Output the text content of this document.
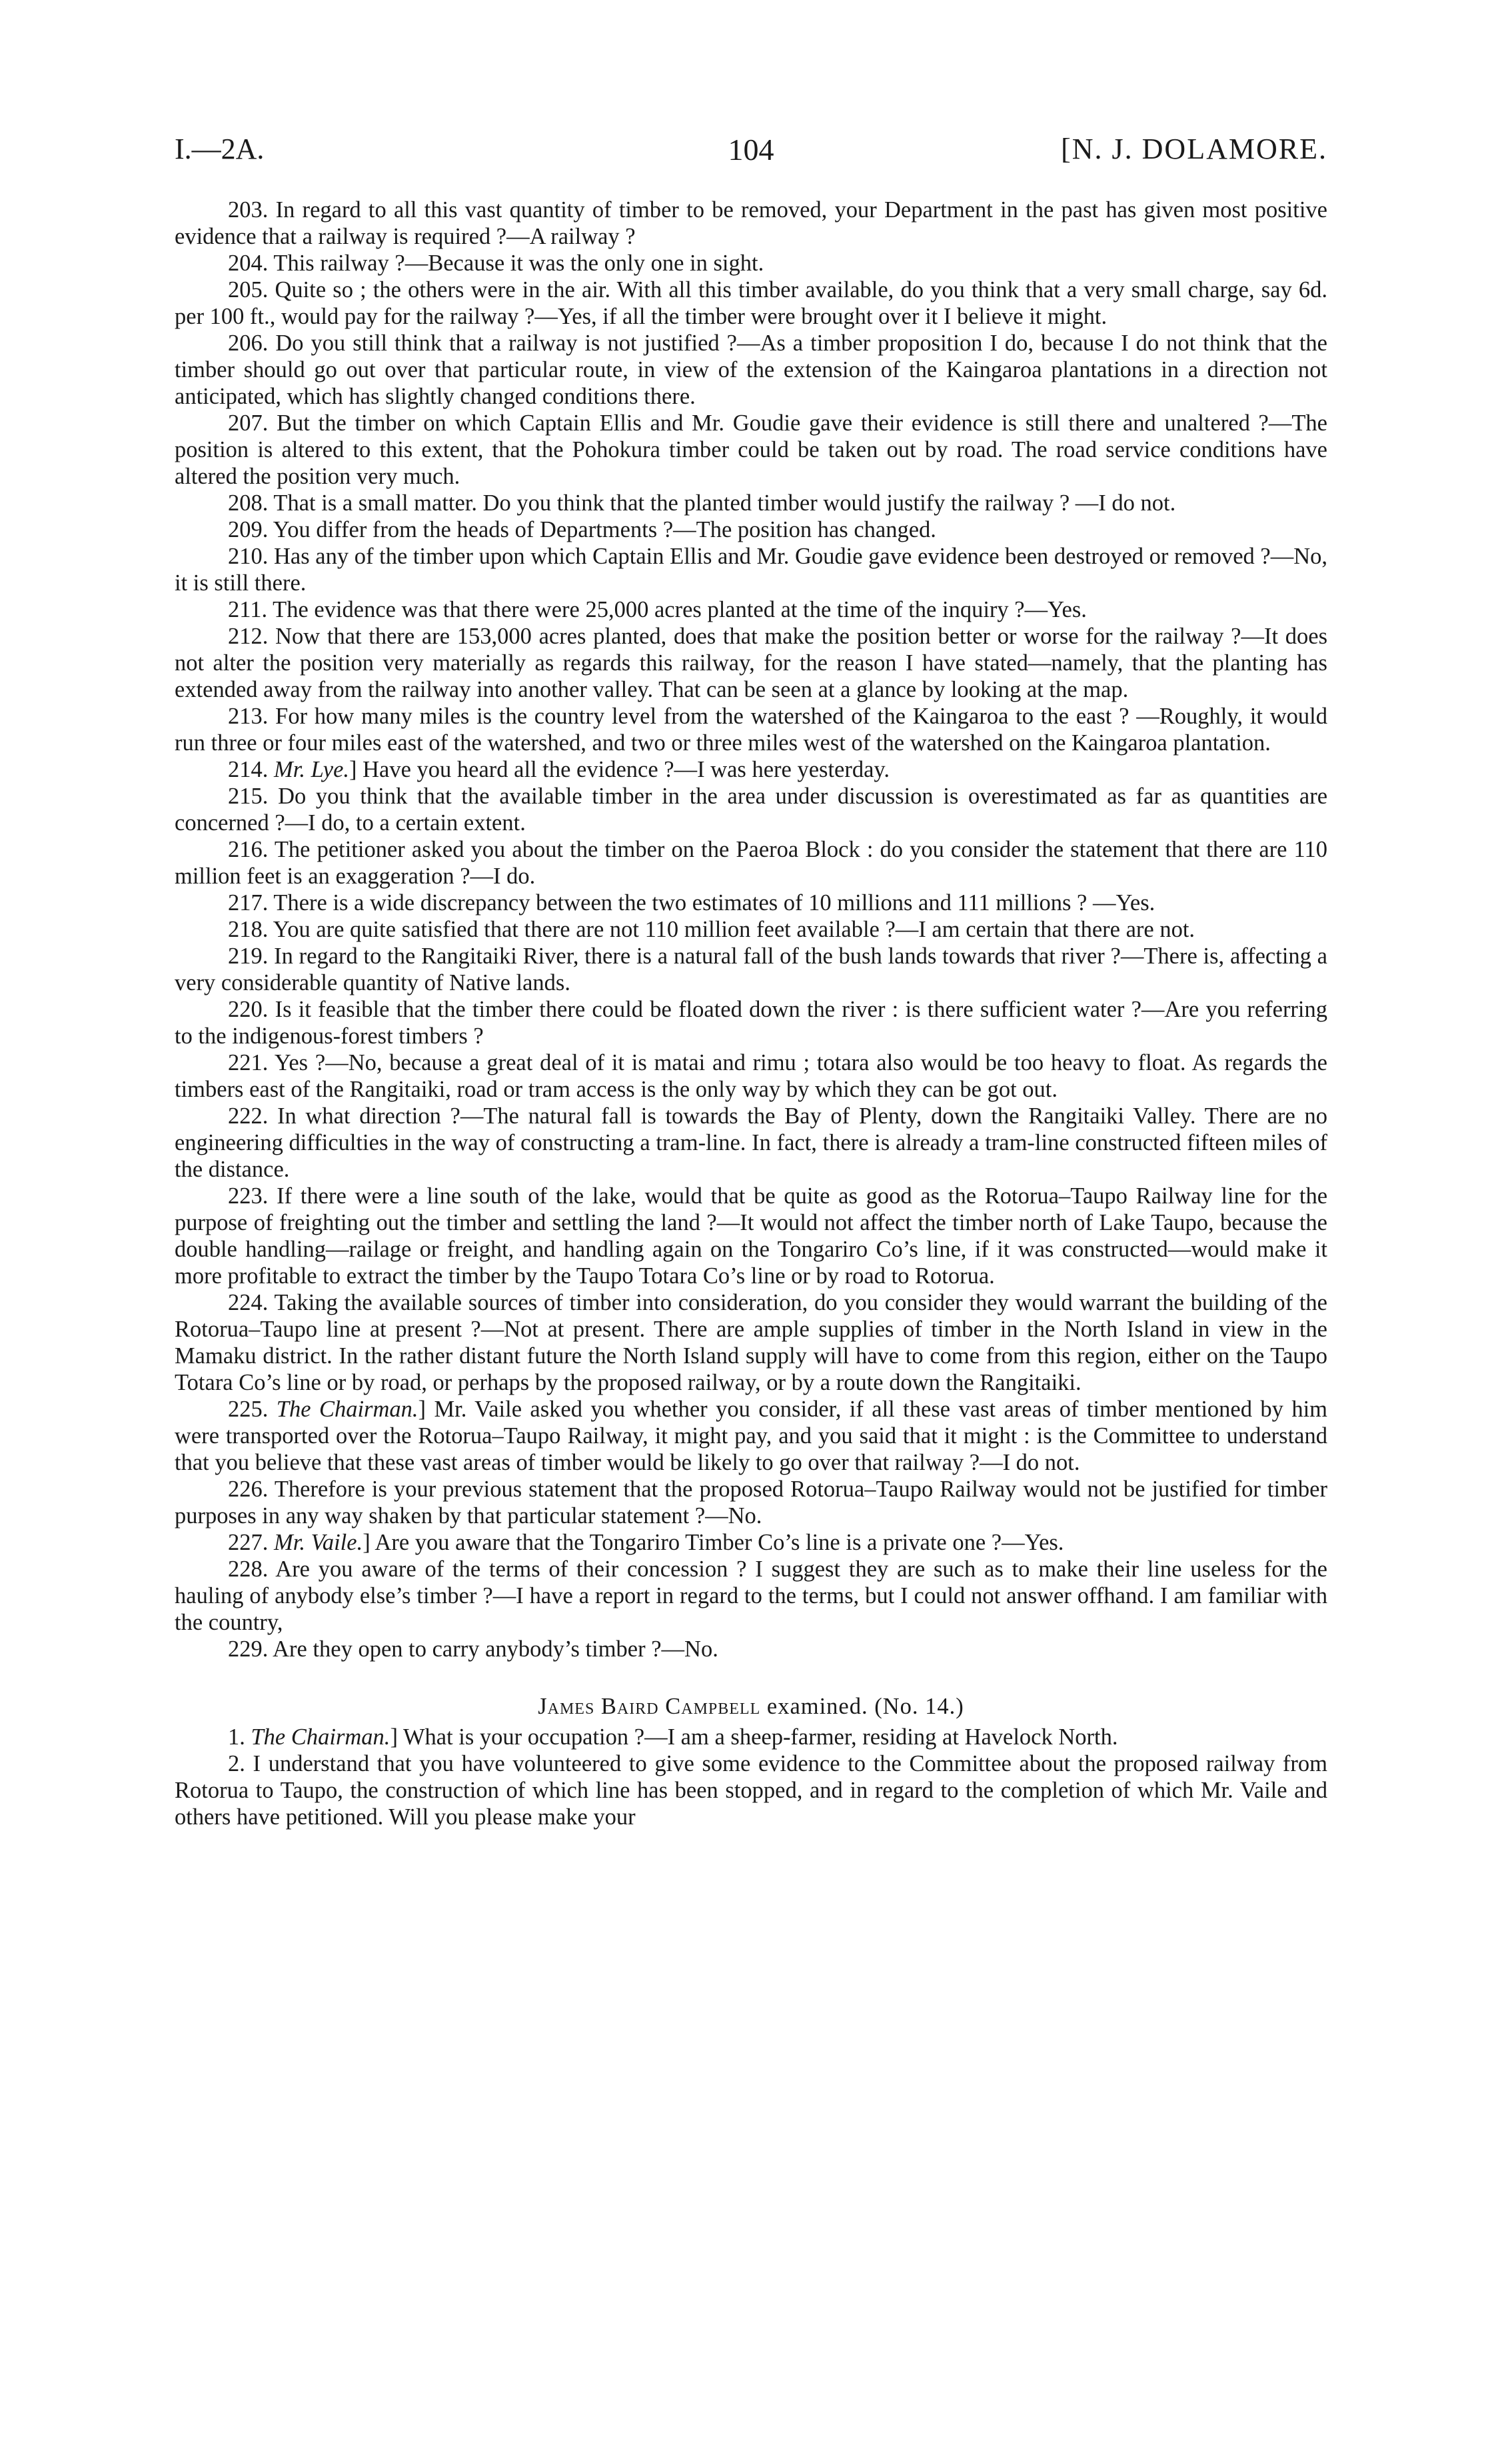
I.—2A.	104	[N. J. DOLAMORE.

203. In regard to all this vast quantity of timber to be removed, your Department in the past has given most positive evidence that a railway is required ?—A railway ?

204. This railway ?—Because it was the only one in sight.

205. Quite so ; the others were in the air. With all this timber available, do you think that a very small charge, say 6d. per 100 ft., would pay for the railway ?—Yes, if all the timber were brought over it I believe it might.

206. Do you still think that a railway is not justified ?—As a timber proposition I do, because I do not think that the timber should go out over that particular route, in view of the extension of the Kaingaroa plantations in a direction not anticipated, which has slightly changed conditions there.

207. But the timber on which Captain Ellis and Mr. Goudie gave their evidence is still there and unaltered ?—The position is altered to this extent, that the Pohokura timber could be taken out by road. The road service conditions have altered the position very much.

208. That is a small matter. Do you think that the planted timber would justify the railway ? —I do not.

209. You differ from the heads of Departments ?—The position has changed.

210. Has any of the timber upon which Captain Ellis and Mr. Goudie gave evidence been destroyed or removed ?—No, it is still there.

211. The evidence was that there were 25,000 acres planted at the time of the inquiry ?—Yes.

212. Now that there are 153,000 acres planted, does that make the position better or worse for the railway ?—It does not alter the position very materially as regards this railway, for the reason I have stated—namely, that the planting has extended away from the railway into another valley. That can be seen at a glance by looking at the map.

213. For how many miles is the country level from the watershed of the Kaingaroa to the east ? —Roughly, it would run three or four miles east of the watershed, and two or three miles west of the watershed on the Kaingaroa plantation.

214. Mr. Lye.] Have you heard all the evidence ?—I was here yesterday.

215. Do you think that the available timber in the area under discussion is overestimated as far as quantities are concerned ?—I do, to a certain extent.

216. The petitioner asked you about the timber on the Paeroa Block : do you consider the statement that there are 110 million feet is an exaggeration ?—I do.

217. There is a wide discrepancy between the two estimates of 10 millions and 111 millions ? —Yes.

218. You are quite satisfied that there are not 110 million feet available ?—I am certain that there are not.

219. In regard to the Rangitaiki River, there is a natural fall of the bush lands towards that river ?—There is, affecting a very considerable quantity of Native lands.

220. Is it feasible that the timber there could be floated down the river : is there sufficient water ?—Are you referring to the indigenous-forest timbers ?

221. Yes ?—No, because a great deal of it is matai and rimu ; totara also would be too heavy to float. As regards the timbers east of the Rangitaiki, road or tram access is the only way by which they can be got out.

222. In what direction ?—The natural fall is towards the Bay of Plenty, down the Rangitaiki Valley. There are no engineering difficulties in the way of constructing a tram-line. In fact, there is already a tram-line constructed fifteen miles of the distance.

223. If there were a line south of the lake, would that be quite as good as the Rotorua–Taupo Railway line for the purpose of freighting out the timber and settling the land ?—It would not affect the timber north of Lake Taupo, because the double handling—railage or freight, and handling again on the Tongariro Co’s line, if it was constructed—would make it more profitable to extract the timber by the Taupo Totara Co’s line or by road to Rotorua.

224. Taking the available sources of timber into consideration, do you consider they would warrant the building of the Rotorua–Taupo line at present ?—Not at present. There are ample supplies of timber in the North Island in view in the Mamaku district. In the rather distant future the North Island supply will have to come from this region, either on the Taupo Totara Co’s line or by road, or perhaps by the proposed railway, or by a route down the Rangitaiki.

225. The Chairman.] Mr. Vaile asked you whether you consider, if all these vast areas of timber mentioned by him were transported over the Rotorua–Taupo Railway, it might pay, and you said that it might : is the Committee to understand that you believe that these vast areas of timber would be likely to go over that railway ?—I do not.

226. Therefore is your previous statement that the proposed Rotorua–Taupo Railway would not be justified for timber purposes in any way shaken by that particular statement ?—No.

227. Mr. Vaile.] Are you aware that the Tongariro Timber Co’s line is a private one ?—Yes.

228. Are you aware of the terms of their concession ? I suggest they are such as to make their line useless for the hauling of anybody else’s timber ?—I have a report in regard to the terms, but I could not answer offhand. I am familiar with the country,

229. Are they open to carry anybody’s timber ?—No.

James Baird Campbell examined. (No. 14.)

1. The Chairman.] What is your occupation ?—I am a sheep-farmer, residing at Havelock North.

2. I understand that you have volunteered to give some evidence to the Committee about the proposed railway from Rotorua to Taupo, the construction of which line has been stopped, and in regard to the completion of which Mr. Vaile and others have petitioned. Will you please make your
